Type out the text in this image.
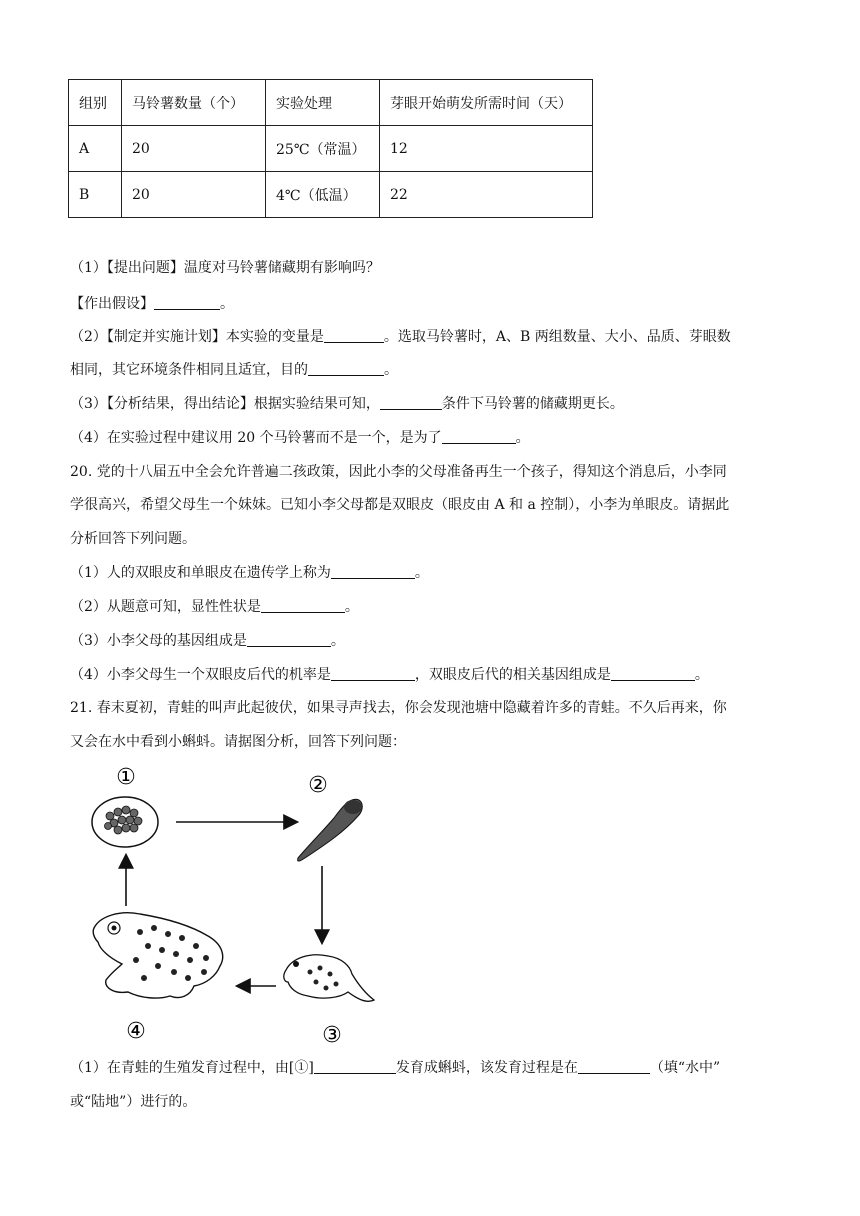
组别	马铃薯数量（个）	实验处理	芽眼开始萌发所需时间（天）
A	20	25℃（常温）	12
B	20	4℃（低温）	22
（1）【提出问题】温度对马铃薯储藏期有影响吗？
【作出假设】	。
（2）【制定并实施计划】本实验的变量是	。选取马铃薯时，A、B 两组数量、大小、品质、芽眼数
相同，其它环境条件相同且适宜，目的	。
（3）【分析结果，得出结论】根据实验结果可知，	条件下马铃薯的储藏期更长。
（4）在实验过程中建议用 20 个马铃薯而不是一个，是为了	。
20. 党的十八届五中全会允许普遍二孩政策，因此小李的父母准备再生一个孩子，得知这个消息后，小李同
学很高兴，希望父母生一个妹妹。已知小李父母都是双眼皮（眼皮由 A 和 a 控制），小李为单眼皮。请据此
分析回答下列问题。
（1）人的双眼皮和单眼皮在遗传学上称为	。
（2）从题意可知，显性性状是	。
（3）小李父母的基因组成是	。
（4）小李父母生一个双眼皮后代的机率是	，双眼皮后代的相关基因组成是	。
21. 春末夏初，青蛙的叫声此起彼伏，如果寻声找去，你会发现池塘中隐藏着许多的青蛙。不久后再来，你
又会在水中看到小蝌蚪。请据图分析，回答下列问题：
①	②
③
④
（1）在青蛙的生殖发育过程中，由[①]	发育成蝌蚪，该发育过程是在	（填“水中”
或“陆地”）进行的。
